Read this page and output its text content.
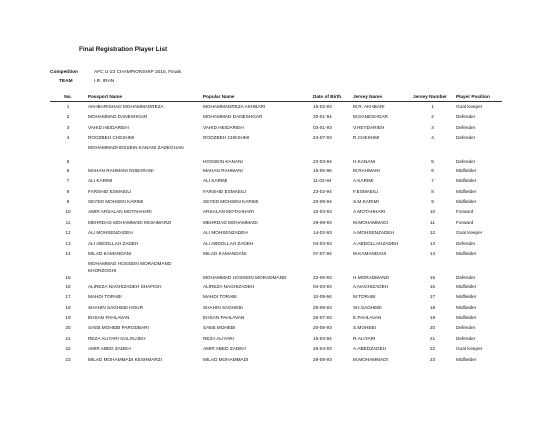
Final Registration Player List
Competition	AFC U-23 CHAMPIONSHIP 2016, Finals
TEAM	I.R. IRAN
No.	Passport Name	Popular Name	Date of Birth	Jersey Name	Jersey Number	Player Position
1	AKHBARISHAD MOHAMMADREZA	MOHAMMADREZA AKHBARI	15-02-93	M.R. AKHBARI	1	Goal Keeper
2	MOHAMMAD DANESHGAR	MOHAMMAD DANESHGAR	20-01-94	M.DANESHGAR	2	Defender
3	VAHID HEIDARIEH	VAHID HEIDARIEH	03-01-93	V.HEYDARIEH	3	Defender
4	ROOZBEH CHESHMI	ROOZBEH CHESHMI	24-07-93	R.CHESHMI	4	Defender
5	MOHAMMADHOSSEIN KANANI ZADEGHAN	HOSSEIN KANANI	23-03-94	H.KANANI	5	Defender
6	MAHAN RAHMANI NOBARANI	MAHAN RAHMANI	15-06-96	M.RAHMANI	6	Midfielder
7	ALI KARIMI	ALI KARIMI	11-02-94	A.KARIMI	7	Midfielder
8	FARSHID ESMAEILI	FARSHID ESMAEILI	23-02-94	F.ESMAEILI	8	Midfielder
9	SEYED MOHSEN KARIMI	SEYED MOHSEN KARIMI	20-09-94	S.M.KARIMI	9	Midfielder
10	AMIR ARSALAN MOTAHHARI	ARSALAN MOTAHHARI	10-03-93	A.MOTAHHARI	10	Forward
11	MEHRDAD MOHAMMADI KESHMARZI	MEHRDAD MOHAMMADI	29-09-93	M.MOHAMMADI	11	Forward
12	ALI MOHSENZADEH	ALI MOHSENZADEH	14-02-93	A.MOHSENZADEH	12	Goal Keeper
13	ALI ABDOLLAH ZADEH	ALI ABDOLLAH ZADEH	04-03-93	A.ABDOLLAHZADEH	13	Defender
14	MILAD KAMANDANI	MILAD KAMANDANI	07-07-94	M.KAMANDANI	14	Midfielder
15	MOHAMMAD HOSSEIN MORADMAND KHORZOGHI	MOHAMMAD HOSSEIN MORADMAND	22-06-93	H.MORADMAND	15	Defender
16	ALIREZA NAGHIZADEH SHAFIGH	ALIREZA NAGHIZADEH	04-03-93	A.NAGHIZADEH	16	Midfielder
17	MAHDI TORABI	MAHDI TORABI	10-09-94	M.TORABI	17	Midfielder
18	SHAHIN SAGHEBI HOUR	SHAHIN SAGHEBI	25-09-93	SH.SAGHEBI	18	Midfielder
19	EHSAN PAHLAVAN	EHSAN PAHLAVAN	25-07-93	E.PAHLAVAN	19	Midfielder
20	SAEB MOHEBI PARODBARI	SAEB MOHEBI	20-08-93	S.MOHEBI	20	Defender
21	REZA ALIYARI GALOUJEH	REZA ALIYARI	15-03-94	R.ALIYARI	21	Defender
22	AMIR ABED ZADEH	AMIR ABED ZADEH	26-04-93	A.ABEDZADEH	22	Goal Keeper
23	MILAD MOHAMMADI KESHMARZI	MILAD MOHAMMADI	29-09-93	M.MOHAMMADI	23	Midfielder
